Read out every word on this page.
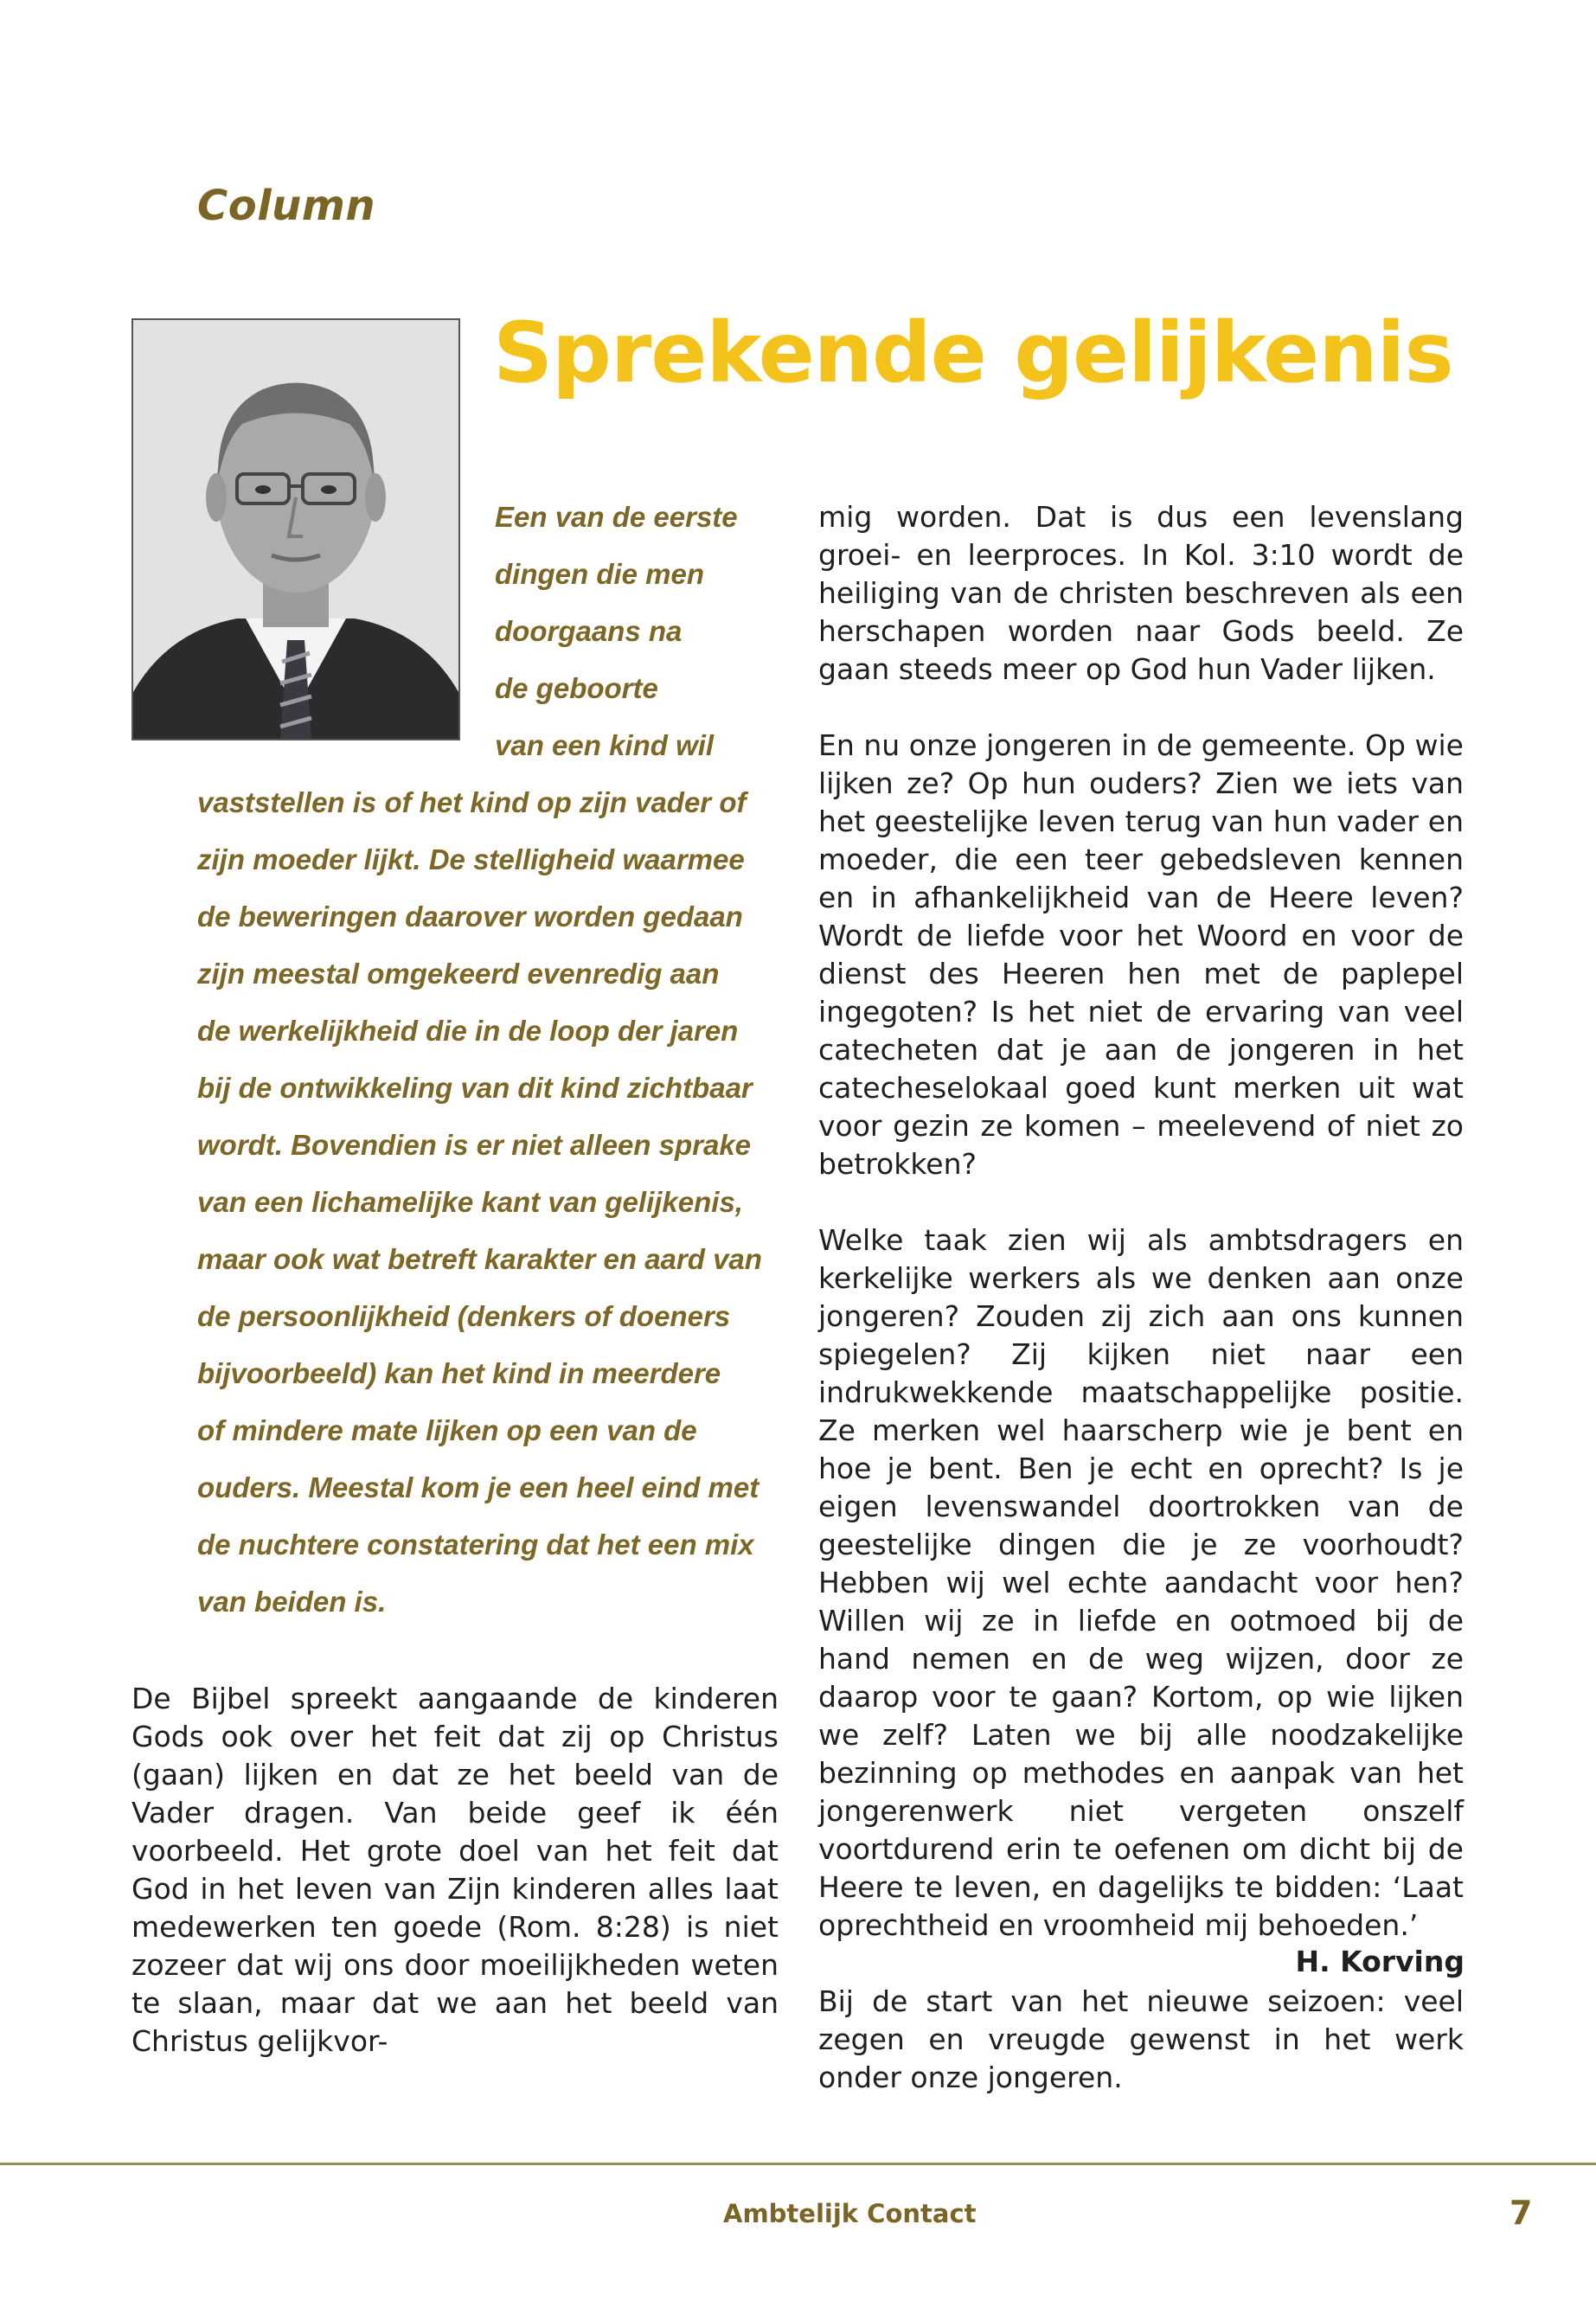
Column
Sprekende gelijkenis

Een van de eerste

dingen die men

doorgaans na

de geboorte

van een kind wil

vaststellen is of het kind op zijn vader of

zijn moeder lijkt. De stelligheid waarmee

de beweringen daarover worden gedaan

zijn meestal omgekeerd evenredig aan

de werkelijkheid die in de loop der jaren

bij de ontwikkeling van dit kind zichtbaar

wordt. Bovendien is er niet alleen sprake

van een lichamelijke kant van gelijkenis,

maar ook wat betreft karakter en aard van

de persoonlijkheid (denkers of doeners

bijvoorbeeld) kan het kind in meerdere

of mindere mate lijken op een van de

ouders. Meestal kom je een heel eind met

de nuchtere constatering dat het een mix

van beiden is.

De Bijbel spreekt aangaande de kinderen Gods ook over het feit dat zij op Christus (gaan) lijken en dat ze het beeld van de Vader dragen. Van beide geef ik één voorbeeld. Het grote doel van het feit dat God in het leven van Zijn kinderen alles laat medewerken ten goede (Rom. 8:28) is niet zozeer dat wij ons door moeilijkheden weten te slaan, maar dat we aan het beeld van Christus gelijkvor-

mig worden. Dat is dus een levenslang groei- en leerproces. In Kol. 3:10 wordt de heiliging van de christen beschreven als een herschapen worden naar Gods beeld. Ze gaan steeds meer op God hun Vader lijken.

En nu onze jongeren in de gemeente. Op wie lijken ze? Op hun ouders? Zien we iets van het geestelijke leven terug van hun vader en moeder, die een teer gebedsleven kennen en in afhankelijkheid van de Heere leven? Wordt de liefde voor het Woord en voor de dienst des Heeren hen met de paplepel ingegoten? Is het niet de ervaring van veel catecheten dat je aan de jongeren in het catecheselokaal goed kunt merken uit wat voor gezin ze komen – meelevend of niet zo betrokken?

Welke taak zien wij als ambtsdragers en kerkelijke werkers als we denken aan onze jongeren? Zouden zij zich aan ons kunnen spiegelen? Zij kijken niet naar een indrukwekkende maatschappelijke positie. Ze merken wel haarscherp wie je bent en hoe je bent. Ben je echt en oprecht? Is je eigen levenswandel doortrokken van de geestelijke dingen die je ze voorhoudt? Hebben wij wel echte aandacht voor hen? Willen wij ze in liefde en ootmoed bij de hand nemen en de weg wijzen, door ze daarop voor te gaan? Kortom, op wie lijken we zelf? Laten we bij alle noodzakelijke bezinning op methodes en aanpak van het jongerenwerk niet vergeten onszelf voortdurend erin te oefenen om dicht bij de Heere te leven, en dagelijks te bidden: ‘Laat oprechtheid en vroomheid mij behoeden.’

Bij de start van het nieuwe seizoen: veel zegen en vreugde gewenst in het werk onder onze jongeren.

H. Korving

Ambtelijk Contact	7
